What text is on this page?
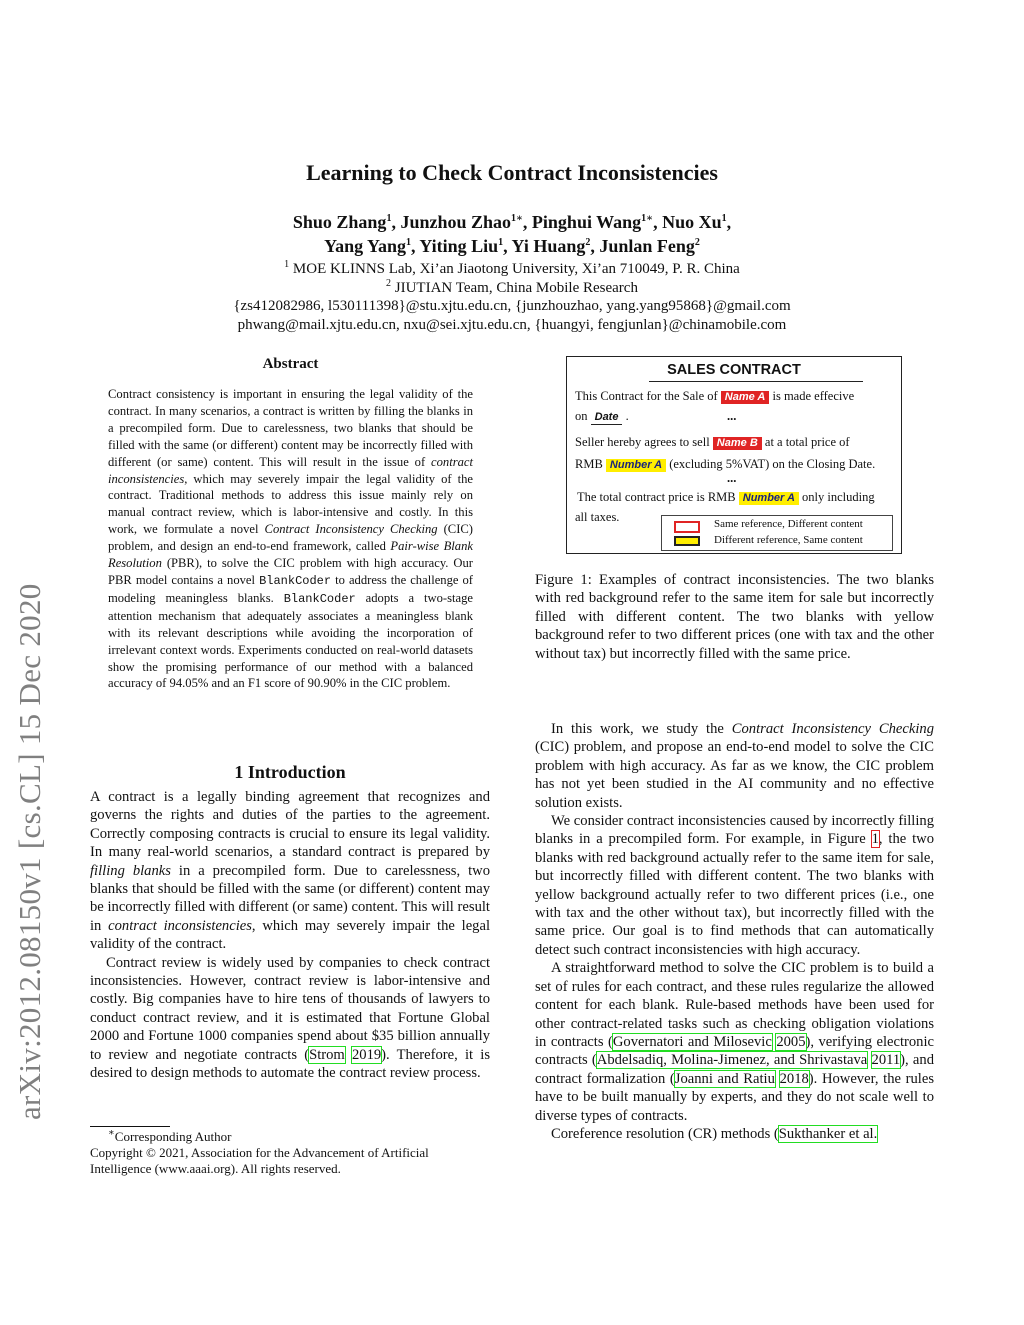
Learning to Check Contract Inconsistencies
Shuo Zhang$^1$, Junzhou Zhao$^{1∗}$, Pinghui Wang$^{1∗}$, Nuo Xu$^1$,
Yang Yang$^1$, Yiting Liu$^1$, Yi Huang$^2$, Junlan Feng$^2$
$^1$ MOE KLINNS Lab, Xi’an Jiaotong University, Xi’an 710049, P. R. China
$^2$ JIUTIAN Team, China Mobile Research
{zs412082986, l530111398}@stu.xjtu.edu.cn, {junzhouzhao, yang.yang95868}@gmail.com
phwang@mail.xjtu.edu.cn, nxu@sei.xjtu.edu.cn, {huangyi, fengjunlan}@chinamobile.com
arXiv:2012.08150v1 [cs.CL] 15 Dec 2020
Abstract
Contract consistency is important in ensuring the legal validity of the contract. In many scenarios, a contract is written by filling the blanks in a precompiled form. Due to carelessness, two blanks that should be filled with the same (or different) content may be incorrectly filled with different (or same) content. This will result in the issue of contract inconsistencies, which may severely impair the legal validity of the contract. Traditional methods to address this issue mainly rely on manual contract review, which is labor-intensive and costly. In this work, we formulate a novel Contract Inconsistency Checking (CIC) problem, and design an end-to-end framework, called Pair-wise Blank Resolution (PBR), to solve the CIC problem with high accuracy. Our PBR model contains a novel BlankCoder to address the challenge of modeling meaningless blanks. BlankCoder adopts a two-stage attention mechanism that adequately associates a meaningless blank with its relevant descriptions while avoiding the incorporation of irrelevant context words. Experiments conducted on real-world datasets show the promising performance of our method with a balanced accuracy of 94.05% and an F1 score of 90.90% in the CIC problem.
1 Introduction

A contract is a legally binding agreement that recognizes and governs the rights and duties of the parties to the agreement. Correctly composing contracts is crucial to ensure its legal validity. In many real-world scenarios, a standard contract is prepared by filling blanks in a precompiled form. Due to carelessness, two blanks that should be filled with the same (or different) content may be incorrectly filled with different (or same) content. This will result in contract inconsistencies, which may severely impair the legal validity of the contract.

Contract review is widely used by companies to check contract inconsistencies. However, contract review is labor-intensive and costly. Big companies have to hire tens of thousands of lawyers to conduct contract review, and it is estimated that Fortune Global 2000 and Fortune 1000 companies spend about $35 billion annually to review and negotiate contracts (Strom 2019). Therefore, it is desired to design methods to automate the contract review process.

∗Corresponding Author
Copyright © 2021, Association for the Advancement of Artificial Intelligence (www.aaai.org). All rights reserved.
SALES CONTRACT
This Contract for the Sale of Name A is made effecive
on Date .	...
Seller hereby agrees to sell Name B at a total price of
RMB Number A (excluding 5%VAT) on the Closing Date.
...
The total contract price is RMB Number A only including
all taxes.	Same reference, Different content
Different reference, Same content
Figure 1: Examples of contract inconsistencies. The two blanks with red background refer to the same item for sale but incorrectly filled with different content. The two blanks with yellow background refer to two different prices (one with tax and the other without tax) but incorrectly filled with the same price.

In this work, we study the Contract Inconsistency Checking (CIC) problem, and propose an end-to-end model to solve the CIC problem with high accuracy. As far as we know, the CIC problem has not yet been studied in the AI community and no effective solution exists.

We consider contract inconsistencies caused by incorrectly filling blanks in a precompiled form. For example, in Figure 1, the two blanks with red background actually refer to the same item for sale, but incorrectly filled with different content. The two blanks with yellow background actually refer to two different prices (i.e., one with tax and the other without tax), but incorrectly filled with the same price. Our goal is to find methods that can automatically detect such contract inconsistencies with high accuracy.

A straightforward method to solve the CIC problem is to build a set of rules for each contract, and these rules regularize the allowed content for each blank. Rule-based methods have been used for other contract-related tasks such as checking obligation violations in contracts (Governatori and Milosevic 2005), verifying electronic contracts (Abdelsadiq, Molina-Jimenez, and Shrivastava 2011), and contract formalization (Joanni and Ratiu 2018). However, the rules have to be built manually by experts, and they do not scale well to diverse types of contracts.

Coreference resolution (CR) methods (Sukthanker et al.
